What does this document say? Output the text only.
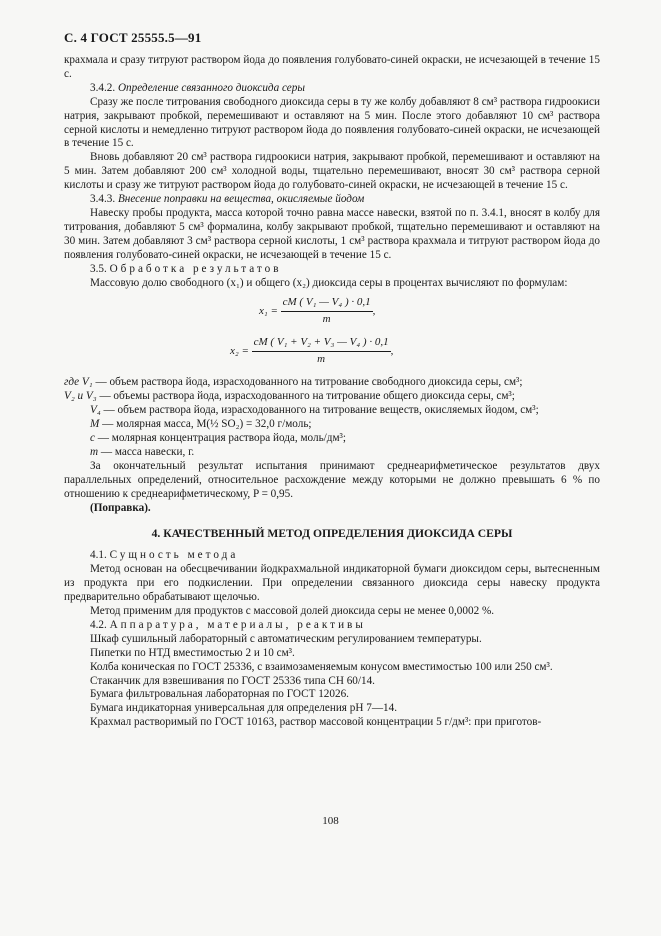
С. 4 ГОСТ 25555.5—91

крахмала и сразу титруют раствором йода до появления голубовато-синей окраски, не исчезающей в течение 15 с.

3.4.2. Определение связанного диоксида серы

Сразу же после титрования свободного диоксида серы в ту же колбу добавляют 8 см³ раствора гидроокиси натрия, закрывают пробкой, перемешивают и оставляют на 5 мин. После этого добавляют 10 см³ раствора серной кислоты и немедленно титруют раствором йода до появления голубовато-синей окраски, не исчезающей в течение 15 с.

Вновь добавляют 20 см³ раствора гидроокиси натрия, закрывают пробкой, перемешивают и оставляют на 5 мин. Затем добавляют 200 см³ холодной воды, тщательно перемешивают, вносят 30 см³ раствора серной кислоты и сразу же титруют раствором йода до голубовато-синей окраски, не исчезающей в течение 15 с.

3.4.3. Внесение поправки на вещества, окисляемые йодом

Навеску пробы продукта, масса которой точно равна массе навески, взятой по п. 3.4.1, вносят в колбу для титрования, добавляют 5 см³ формалина, колбу закрывают пробкой, тщательно перемешивают и оставляют на 30 мин. Затем добавляют 3 см³ раствора серной кислоты, 1 см³ раствора крахмала и титруют раствором йода до появления голубовато-синей окраски, не исчезающей в течение 15 с.

3.5. Обработка результатов

Массовую долю свободного (x₁) и общего (x₂) диоксида серы в процентах вычисляют по формулам:

$x_1 = \frac{\text{cM ( V₁ — V₄ ) · 0,1}}{m}$ ,
$x_2 = \frac{\text{cM ( V₁ + V₂ + V₃ — V₄ ) · 0,1}}{m}$ ,
где V₁ — объем раствора йода, израсходованного на титрование свободного диоксида серы, см³;
V₂ и V₃ — объемы раствора йода, израсходованного на титрование общего диоксида серы, см³;
V₄ — объем раствора йода, израсходованного на титрование веществ, окисляемых йодом, см³;
M — молярная масса, M(½ SO₂) = 32,0 г/моль;
c — молярная концентрация раствора йода, моль/дм³;
m — масса навески, г.

За окончательный результат испытания принимают среднеарифметическое результатов двух параллельных определений, относительное расхождение между которыми не должно превышать 6 % по отношению к среднеарифметическому, P = 0,95.

(Поправка).

4. КАЧЕСТВЕННЫЙ МЕТОД ОПРЕДЕЛЕНИЯ ДИОКСИДА СЕРЫ

4.1. Сущность метода

Метод основан на обесцвечивании йодкрахмальной индикаторной бумаги диоксидом серы, вытесненным из продукта при его подкислении. При определении связанного диоксида серы навеску продукта предварительно обрабатывают щелочью.

Метод применим для продуктов с массовой долей диоксида серы не менее 0,0002 %.

4.2. Аппаратура, материалы, реактивы

Шкаф сушильный лабораторный с автоматическим регулированием температуры.

Пипетки по НТД вместимостью 2 и 10 см³.

Колба коническая по ГОСТ 25336, с взаимозаменяемым конусом вместимостью 100 или 250 см³.

Стаканчик для взвешивания по ГОСТ 25336 типа СН 60/14.

Бумага фильтровальная лабораторная по ГОСТ 12026.

Бумага индикаторная универсальная для определения pH 7—14.

Крахмал растворимый по ГОСТ 10163, раствор массовой концентрации 5 г/дм³: при приготов-

108
